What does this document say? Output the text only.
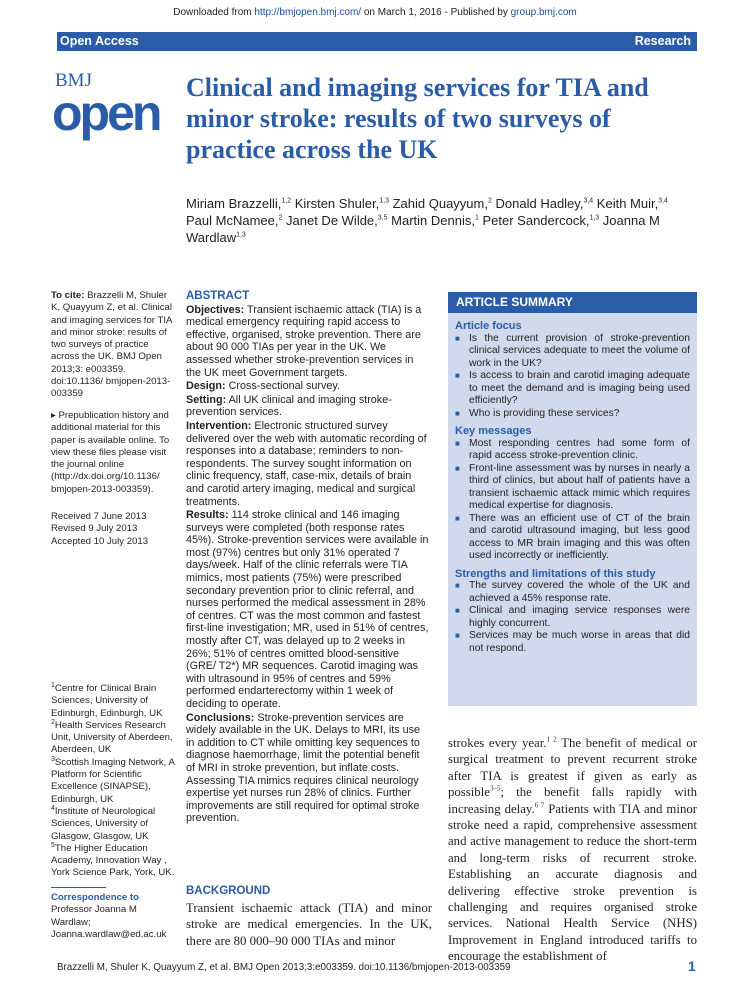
Downloaded from http://bmjopen.bmj.com/ on March 1, 2016 - Published by group.bmj.com
Open Access	Research
BMJ
open Clinical and imaging services for TIA and minor stroke: results of two surveys of practice across the UK
Miriam Brazzelli,$^{1,2}$ Kirsten Shuler,$^{1,3}$ Zahid Quayyum,$^2$ Donald Hadley,$^{3,4}$ Keith Muir,$^{3,4}$ Paul McNamee,$^2$ Janet De Wilde,$^{3,5}$ Martin Dennis,$^1$ Peter Sandercock,$^{1,3}$ Joanna M Wardlaw$^{1,3}$
To cite: Brazzelli M, Shuler K, Quayyum Z, et al. Clinical and imaging services for TIA and minor stroke: results of two surveys of practice across the UK. BMJ Open 2013;3: e003359. doi:10.1136/ bmjopen-2013-003359
▸ Prepublication history and additional material for this paper is available online. To view these files please visit the journal online (http://dx.doi.org/10.1136/ bmjopen-2013-003359).
Received 7 June 2013
Revised 9 July 2013
Accepted 10 July 2013
$^1$Centre for Clinical Brain Sciences, University of Edinburgh, Edinburgh, UK
$^2$Health Services Research Unit, University of Aberdeen, Aberdeen, UK
$^3$Scottish Imaging Network, A Platform for Scientific Excellence (SINAPSE), Edinburgh, UK
$^4$Institute of Neurological Sciences, University of Glasgow, Glasgow, UK
$^5$The Higher Education Academy, Innovation Way , York Science Park, York, UK.
Correspondence to
Professor Joanna M Wardlaw; Joanna.wardlaw@ed.ac.uk
ABSTRACT

Objectives: Transient ischaemic attack (TIA) is a medical emergency requiring rapid access to effective, organised, stroke prevention. There are about 90 000 TIAs per year in the UK. We assessed whether stroke-prevention services in the UK meet Government targets.

Design: Cross-sectional survey.

Setting: All UK clinical and imaging stroke-prevention services.

Intervention: Electronic structured survey delivered over the web with automatic recording of responses into a database; reminders to non-respondents. The survey sought information on clinic frequency, staff, case-mix, details of brain and carotid artery imaging, medical and surgical treatments.

Results: 114 stroke clinical and 146 imaging surveys were completed (both response rates 45%). Stroke-prevention services were available in most (97%) centres but only 31% operated 7 days/week. Half of the clinic referrals were TIA mimics, most patients (75%) were prescribed secondary prevention prior to clinic referral, and nurses performed the medical assessment in 28% of centres. CT was the most common and fastest first-line investigation; MR, used in 51% of centres, mostly after CT, was delayed up to 2 weeks in 26%; 51% of centres omitted blood-sensitive (GRE/ T2*) MR sequences. Carotid imaging was with ultrasound in 95% of centres and 59% performed endarterectomy within 1 week of deciding to operate.

Conclusions: Stroke-prevention services are widely available in the UK. Delays to MRI, its use in addition to CT while omitting key sequences to diagnose haemorrhage, limit the potential benefit of MRI in stroke prevention, but inflate costs. Assessing TIA mimics requires clinical neurology expertise yet nurses run 28% of clinics. Further improvements are still required for optimal stroke prevention.

ARTICLE SUMMARY
Article focus
■ Is the current provision of stroke-prevention clinical services adequate to meet the volume of work in the UK?
■ Is access to brain and carotid imaging adequate to meet the demand and is imaging being used efficiently?
■ Who is providing these services?
Key messages
■ Most responding centres had some form of rapid access stroke-prevention clinic.
■ Front-line assessment was by nurses in nearly a third of clinics, but about half of patients have a transient ischaemic attack mimic which requires medical expertise for diagnosis.
■ There was an efficient use of CT of the brain and carotid ultrasound imaging, but less good access to MR brain imaging and this was often used incorrectly or inefficiently.
Strengths and limitations of this study
■ The survey covered the whole of the UK and achieved a 45% response rate.
■ Clinical and imaging service responses were highly concurrent.
■ Services may be much worse in areas that did not respond.
strokes every year.$^{1 2}$ The benefit of medical or surgical treatment to prevent recurrent stroke after TIA is greatest if given as early as possible$^{3-5}$; the benefit falls rapidly with increasing delay.$^{6 7}$ Patients with TIA and minor stroke need a rapid, comprehensive assessment and active management to reduce the short-term and long-term risks of recurrent stroke. Establishing an accurate diagnosis and delivering effective stroke prevention is challenging and requires organised stroke services. National Health Service (NHS) Improvement in England introduced tariffs to encourage the establishment of
BACKGROUND
Transient ischaemic attack (TIA) and minor stroke are medical emergencies. In the UK, there are 80 000–90 000 TIAs and minor
Brazzelli M, Shuler K, Quayyum Z, et al. BMJ Open 2013;3:e003359. doi:10.1136/bmjopen-2013-003359	1
